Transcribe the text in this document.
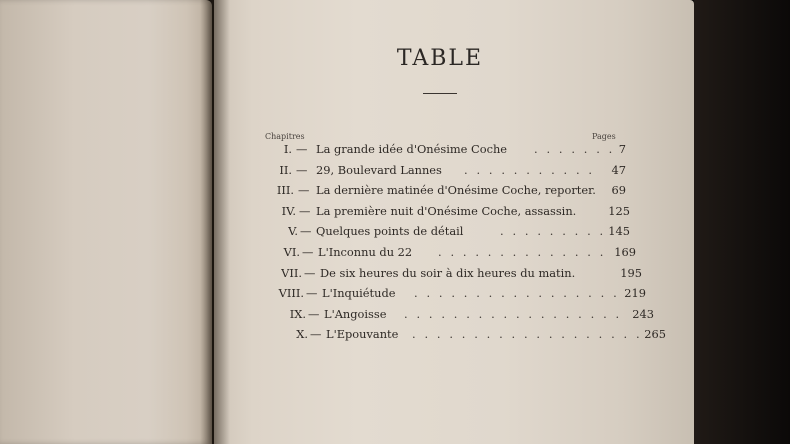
TABLE
Chapitres	Pages
I. — La grande idée d'Onésime Coche . . . . . . . 7
II. — 29, Boulevard Lannes . . . . . . . . . . .	47
III. — La dernière matinée d'Onésime Coche, reporter.	69
IV. — La première nuit d'Onésime Coche, assassin.	125
V. — Quelques points de détail	. . . . . . . . . 145
VI. — L'Inconnu du 22 . . . . . . . . . . . . . . 169
VII. — De six heures du soir à dix heures du matin.	195
VIII. — L'Inquiétude . . . . . . . . . . . . . . . . . 219
IX. — L'Angoisse . . . . . . . . . . . . . . . . . . 243
X. — L'Epouvante . . . . . . . . . . . . . . . . . . . 265
